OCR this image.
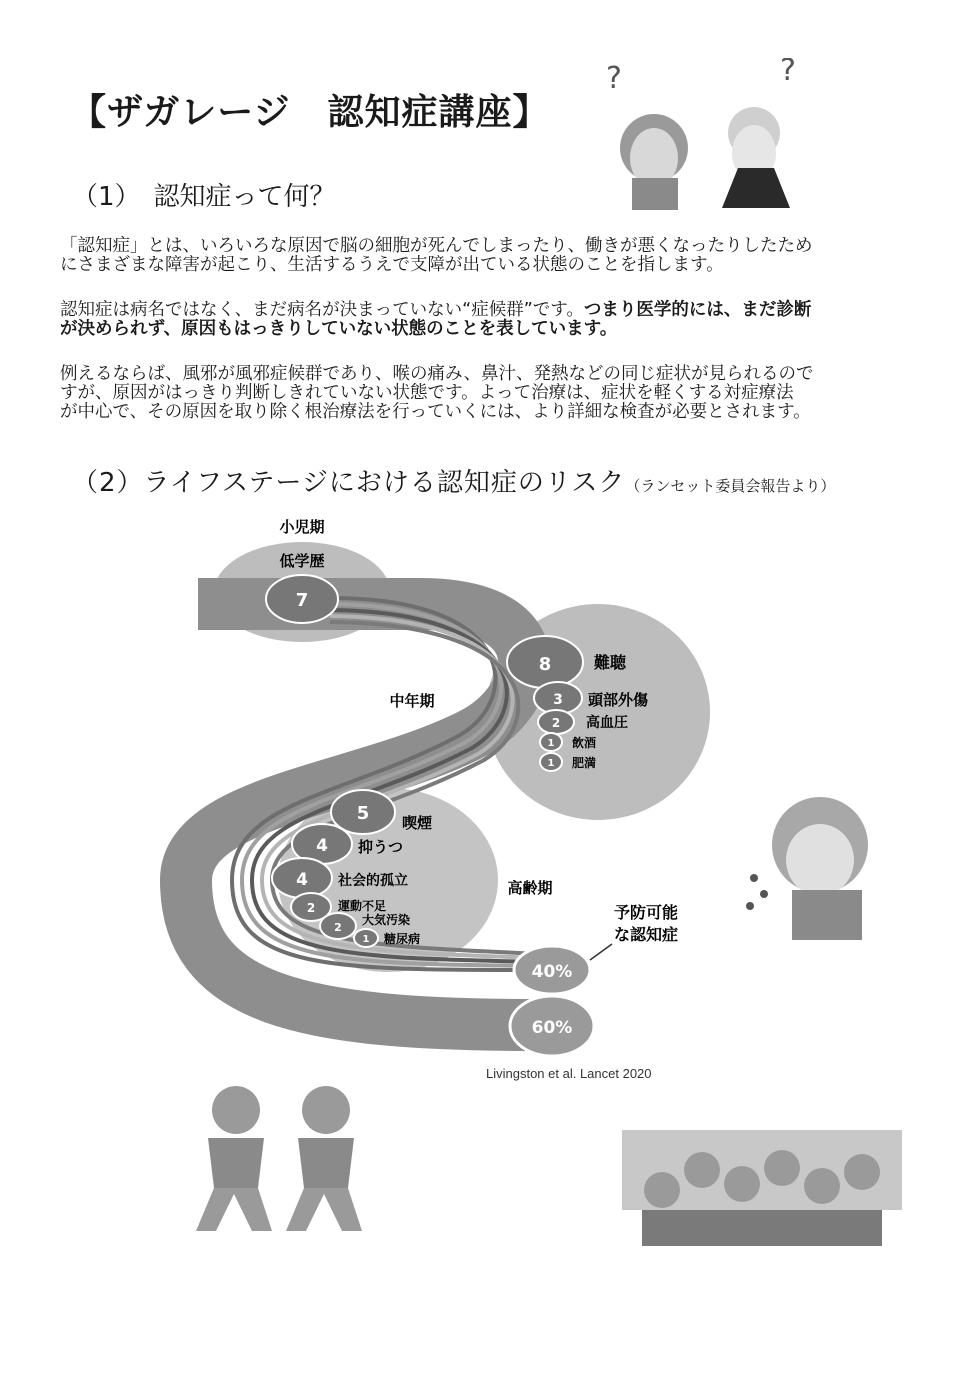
【ザガレージ　認知症講座】
?	?
（1）　認知症って何？
「認知症」とは、いろいろな原因で脳の細胞が死んでしまったり、働きが悪くなったりしたため
にさまざまな障害が起こり、生活するうえで支障が出ている状態のことを指します。
認知症は病名ではなく、まだ病名が決まっていない“症候群”です。つまり医学的には、まだ診断
が決められず、原因もはっきりしていない状態のことを表しています。
例えるならば、風邪が風邪症候群であり、喉の痛み、鼻汁、発熱などの同じ症状が見られるので
すが、原因がはっきり判断しきれていない状態です。よって治療は、症状を軽くする対症療法
が中心で、その原因を取り除く根治療法を行っていくには、より詳細な検査が必要とされます。
（2）ライフステージにおける認知症のリスク（ランセット委員会報告より）
小児期
低学歴
中年期
高齢期
7
8	難聴
3 頭部外傷
2 高血圧
1 飲酒
1 肥満
5 喫煙
4 抑うつ
4 社会的孤立
2 運動不足
2
大気汚染
1 糖尿病
予防可能
な認知症
40%
60%
Livingston et al. Lancet 2020
